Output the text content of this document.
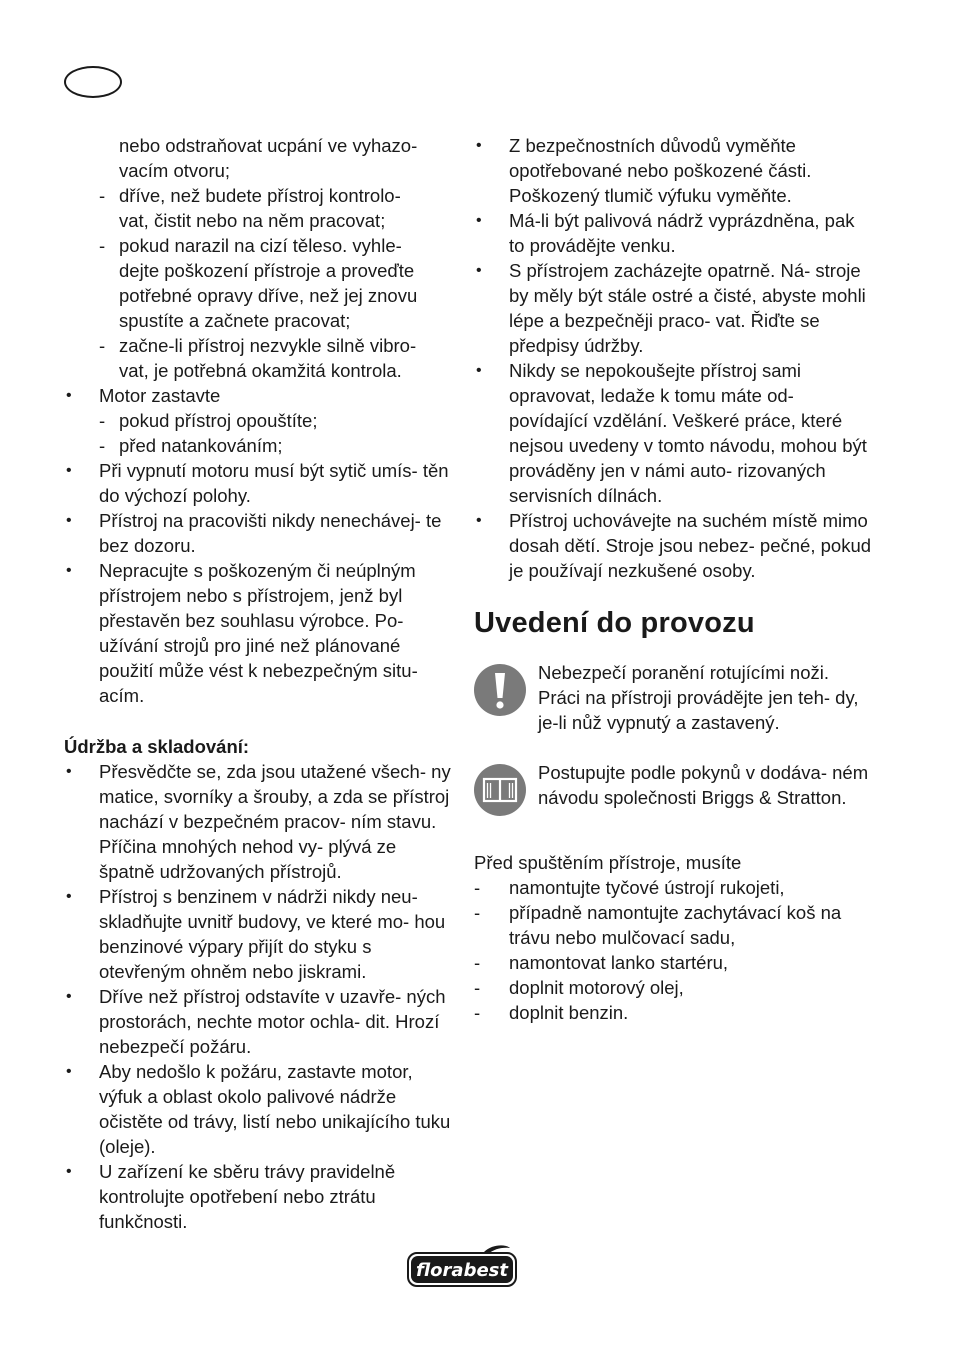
nebo odstraňovat ucpání ve vyhazo-
vacím otvoru;
- dříve, než budete přístroj kontrolo-
vat, čistit nebo na něm pracovat;
- pokud narazil na cizí těleso. vyhle-
dejte poškození přístroje a proveďte
potřebné opravy dříve, než jej znovu
spustíte a začnete pracovat;
- začne-li přístroj nezvykle silně vibro-
vat, je potřebná okamžitá kontrola.
•	Motor zastavte
- pokud přístroj opouštíte;
- před natankováním;
•	Při vypnutí motoru musí být sytič umís- těn do výchozí polohy.
•	Přístroj na pracovišti nikdy nenechávej- te bez dozoru.
•	Nepracujte s poškozeným či neúplným přístrojem nebo s přístrojem, jenž byl přestavěn bez souhlasu výrobce. Po- užívání strojů pro jiné než plánované použití může vést k nebezpečným situ- acím.
Údržba a skladování:
•	Přesvědčte se, zda jsou utažené všech- ny matice, svorníky a šrouby, a zda se přístroj nachází v bezpečném pracov- ním stavu. Příčina mnohých nehod vy- plývá ze špatně udržovaných přístrojů.
•	Přístroj s benzinem v nádrži nikdy neu- skladňujte uvnitř budovy, ve které mo- hou benzinové výpary přijít do styku s otevřeným ohněm nebo jiskrami.
•	Dříve než přístroj odstavíte v uzavře- ných prostorách, nechte motor ochla- dit. Hrozí nebezpečí požáru.
•	Aby nedošlo k požáru, zastavte motor, výfuk a oblast okolo palivové nádrže očistěte od trávy, listí nebo unikajícího tuku (oleje).
•	U zařízení ke sběru trávy pravidelně kontrolujte opotřebení nebo ztrátu funkčnosti.
•	Z bezpečnostních důvodů vyměňte opotřebované nebo poškozené části. Poškozený tlumič výfuku vyměňte.
•	Má-li být palivová nádrž vyprázdněna, pak to provádějte venku.
•	S přístrojem zacházejte opatrně. Ná- stroje by měly být stále ostré a čisté, abyste mohli lépe a bezpečněji praco- vat. Řiďte se předpisy údržby.
•	Nikdy se nepokoušejte přístroj sami opravovat, ledaže k tomu máte od- povídající vzdělání. Veškeré práce, které nejsou uvedeny v tomto návodu, mohou být prováděny jen v námi auto- rizovaných servisních dílnách.
•	Přístroj uchovávejte na suchém místě mimo dosah dětí. Stroje jsou nebez- pečné, pokud je používají nezkušené osoby.
Uvedení do provozu
Nebezpečí poranění rotujícími noži. Práci na přístroji provádějte jen teh- dy, je-li nůž vypnutý a zastavený.
Postupujte podle pokynů v dodáva- ném návodu společnosti Briggs & Stratton.
Před spuštěním přístroje, musíte
-	namontujte tyčové ústrojí rukojeti,
-	případně namontujte zachytávací koš na trávu nebo mulčovací sadu,
-	namontovat lanko startéru,
-	doplnit motorový olej,
-	doplnit benzin.
florabest
